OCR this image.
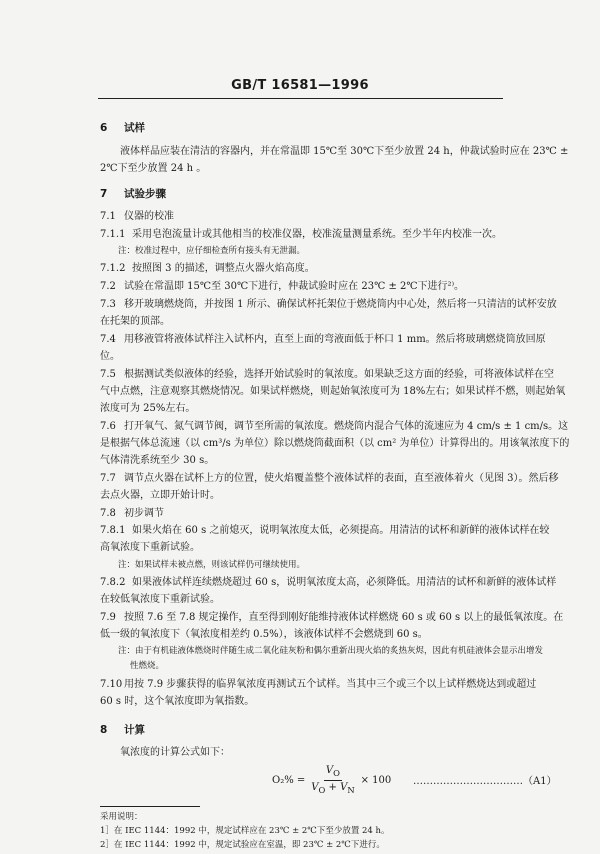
GB/T 16581—1996
6 试样
液体样品应装在清洁的容器内，并在常温即 15℃至 30℃下至少放置 24 h，仲裁试验时应在 23℃ ±
2℃下至少放置 24 h 。
7 试验步骤
7.1 仪器的校准
7.1.1 采用皂泡流量计或其他相当的校准仪器，校准流量测量系统。至少半年内校准一次。
注：校准过程中，应仔细检查所有接头有无泄漏。
7.1.2 按照图 3 的描述，调整点火器火焰高度。
7.2 试验在常温即 15℃至 30℃下进行，仲裁试验时应在 23℃ ± 2℃下进行²⁾。
7.3 移开玻璃燃烧筒，并按图 1 所示、确保试杯托架位于燃烧筒内中心处，然后将一只清洁的试杯安放
在托架的顶部。
7.4 用移液管将液体试样注入试杯内，直至上面的弯液面低于杯口 1 mm。然后将玻璃燃烧筒放回原
位。
7.5 根据测试类似液体的经验，选择开始试验时的氧浓度。如果缺乏这方面的经验，可将液体试样在空
气中点燃，注意观察其燃烧情况。如果试样燃烧，则起始氧浓度可为 18%左右；如果试样不燃，则起始氧
浓度可为 25%左右。
7.6 打开氧气、氮气调节阀，调节至所需的氧浓度。燃烧筒内混合气体的流速应为 4 cm/s ± 1 cm/s。这
是根据气体总流速（以 cm³/s 为单位）除以燃烧筒截面积（以 cm² 为单位）计算得出的。用该氧浓度下的
气体清洗系统至少 30 s。
7.7 调节点火器在试杯上方的位置，使火焰覆盖整个液体试样的表面，直至液体着火（见图 3）。然后移
去点火器，立即开始计时。
7.8 初步调节
7.8.1 如果火焰在 60 s 之前熄灭，说明氧浓度太低，必须提高。用清洁的试杯和新鲜的液体试样在较
高氧浓度下重新试验。
注：如果试样未被点燃，则该试样仍可继续使用。
7.8.2 如果液体试样连续燃烧超过 60 s，说明氧浓度太高，必须降低。用清洁的试杯和新鲜的液体试样
在较低氧浓度下重新试验。
7.9 按照 7.6 至 7.8 规定操作，直至得到刚好能维持液体试样燃烧 60 s 或 60 s 以上的最低氧浓度。在
低一级的氧浓度下（氧浓度相差约 0.5%），该液体试样不会燃烧到 60 s。
注：由于有机硅液体燃烧时伴随生成二氧化硅灰粉和偶尔重新出现火焰的炙热灰烬，因此有机硅液体会显示出增发
性燃烧。
7.10 用按 7.9 步骤获得的临界氧浓度再测试五个试样。当其中三个或三个以上试样燃烧达到或超过
60 s 时，这个氧浓度即为氧指数。
8 计算
氧浓度的计算公式如下：
$O_2\% = \frac{V_O}{V_O + V_N} \times 100$ ……………………………（A1）
采用说明：
1］在 IEC 1144：1992 中，规定试样应在 23℃ ± 2℃下至少放置 24 h。
2］在 IEC 1144：1992 中，规定试验应在室温，即 23℃ ± 2℃下进行。
